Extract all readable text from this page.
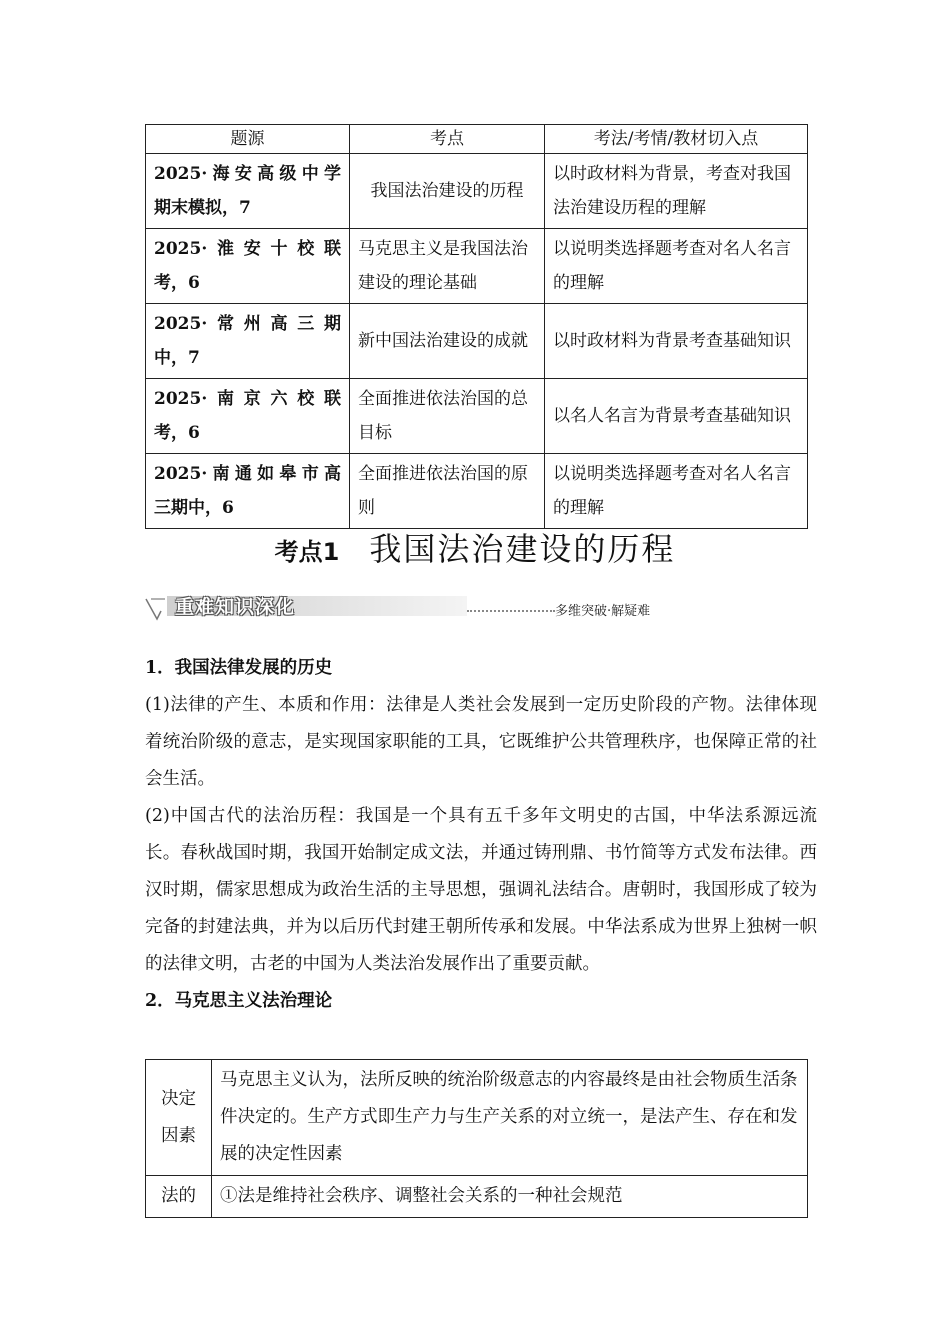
题源	考点	考法/考情/教材切入点
2025·海安高级中学
期末模拟，7	我国法治建设的历程	以时政材料为背景，考查对我国法治建设历程的理解
2025·淮安十校联
考，6	马克思主义是我国法治建设的理论基础	以说明类选择题考查对名人名言的理解
2025·常州高三期
中，7	新中国法治建设的成就	以时政材料为背景考查基础知识
2025·南京六校联
考，6	全面推进依法治国的总目标	以名人名言为背景考查基础知识
2025·南通如皋市高
三期中，6	全面推进依法治国的原则	以说明类选择题考查对名人名言的理解
考点1 我国法治建设的历程
重难知识深化	多维突破·解疑难

1．我国法律发展的历史

(1)法律的产生、本质和作用：法律是人类社会发展到一定历史阶段的产物。法律体现着统治阶级的意志，是实现国家职能的工具，它既维护公共管理秩序，也保障正常的社会生活。

(2)中国古代的法治历程：我国是一个具有五千多年文明史的古国，中华法系源远流长。春秋战国时期，我国开始制定成文法，并通过铸刑鼎、书竹简等方式发布法律。西汉时期，儒家思想成为政治生活的主导思想，强调礼法结合。唐朝时，我国形成了较为完备的封建法典，并为以后历代封建王朝所传承和发展。中华法系成为世界上独树一帜的法律文明，古老的中国为人类法治发展作出了重要贡献。

2．马克思主义法治理论

决定因素	马克思主义认为，法所反映的统治阶级意志的内容最终是由社会物质生活条件决定的。生产方式即生产力与生产关系的对立统一，是法产生、存在和发展的决定性因素
法的	①法是维持社会秩序、调整社会关系的一种社会规范
